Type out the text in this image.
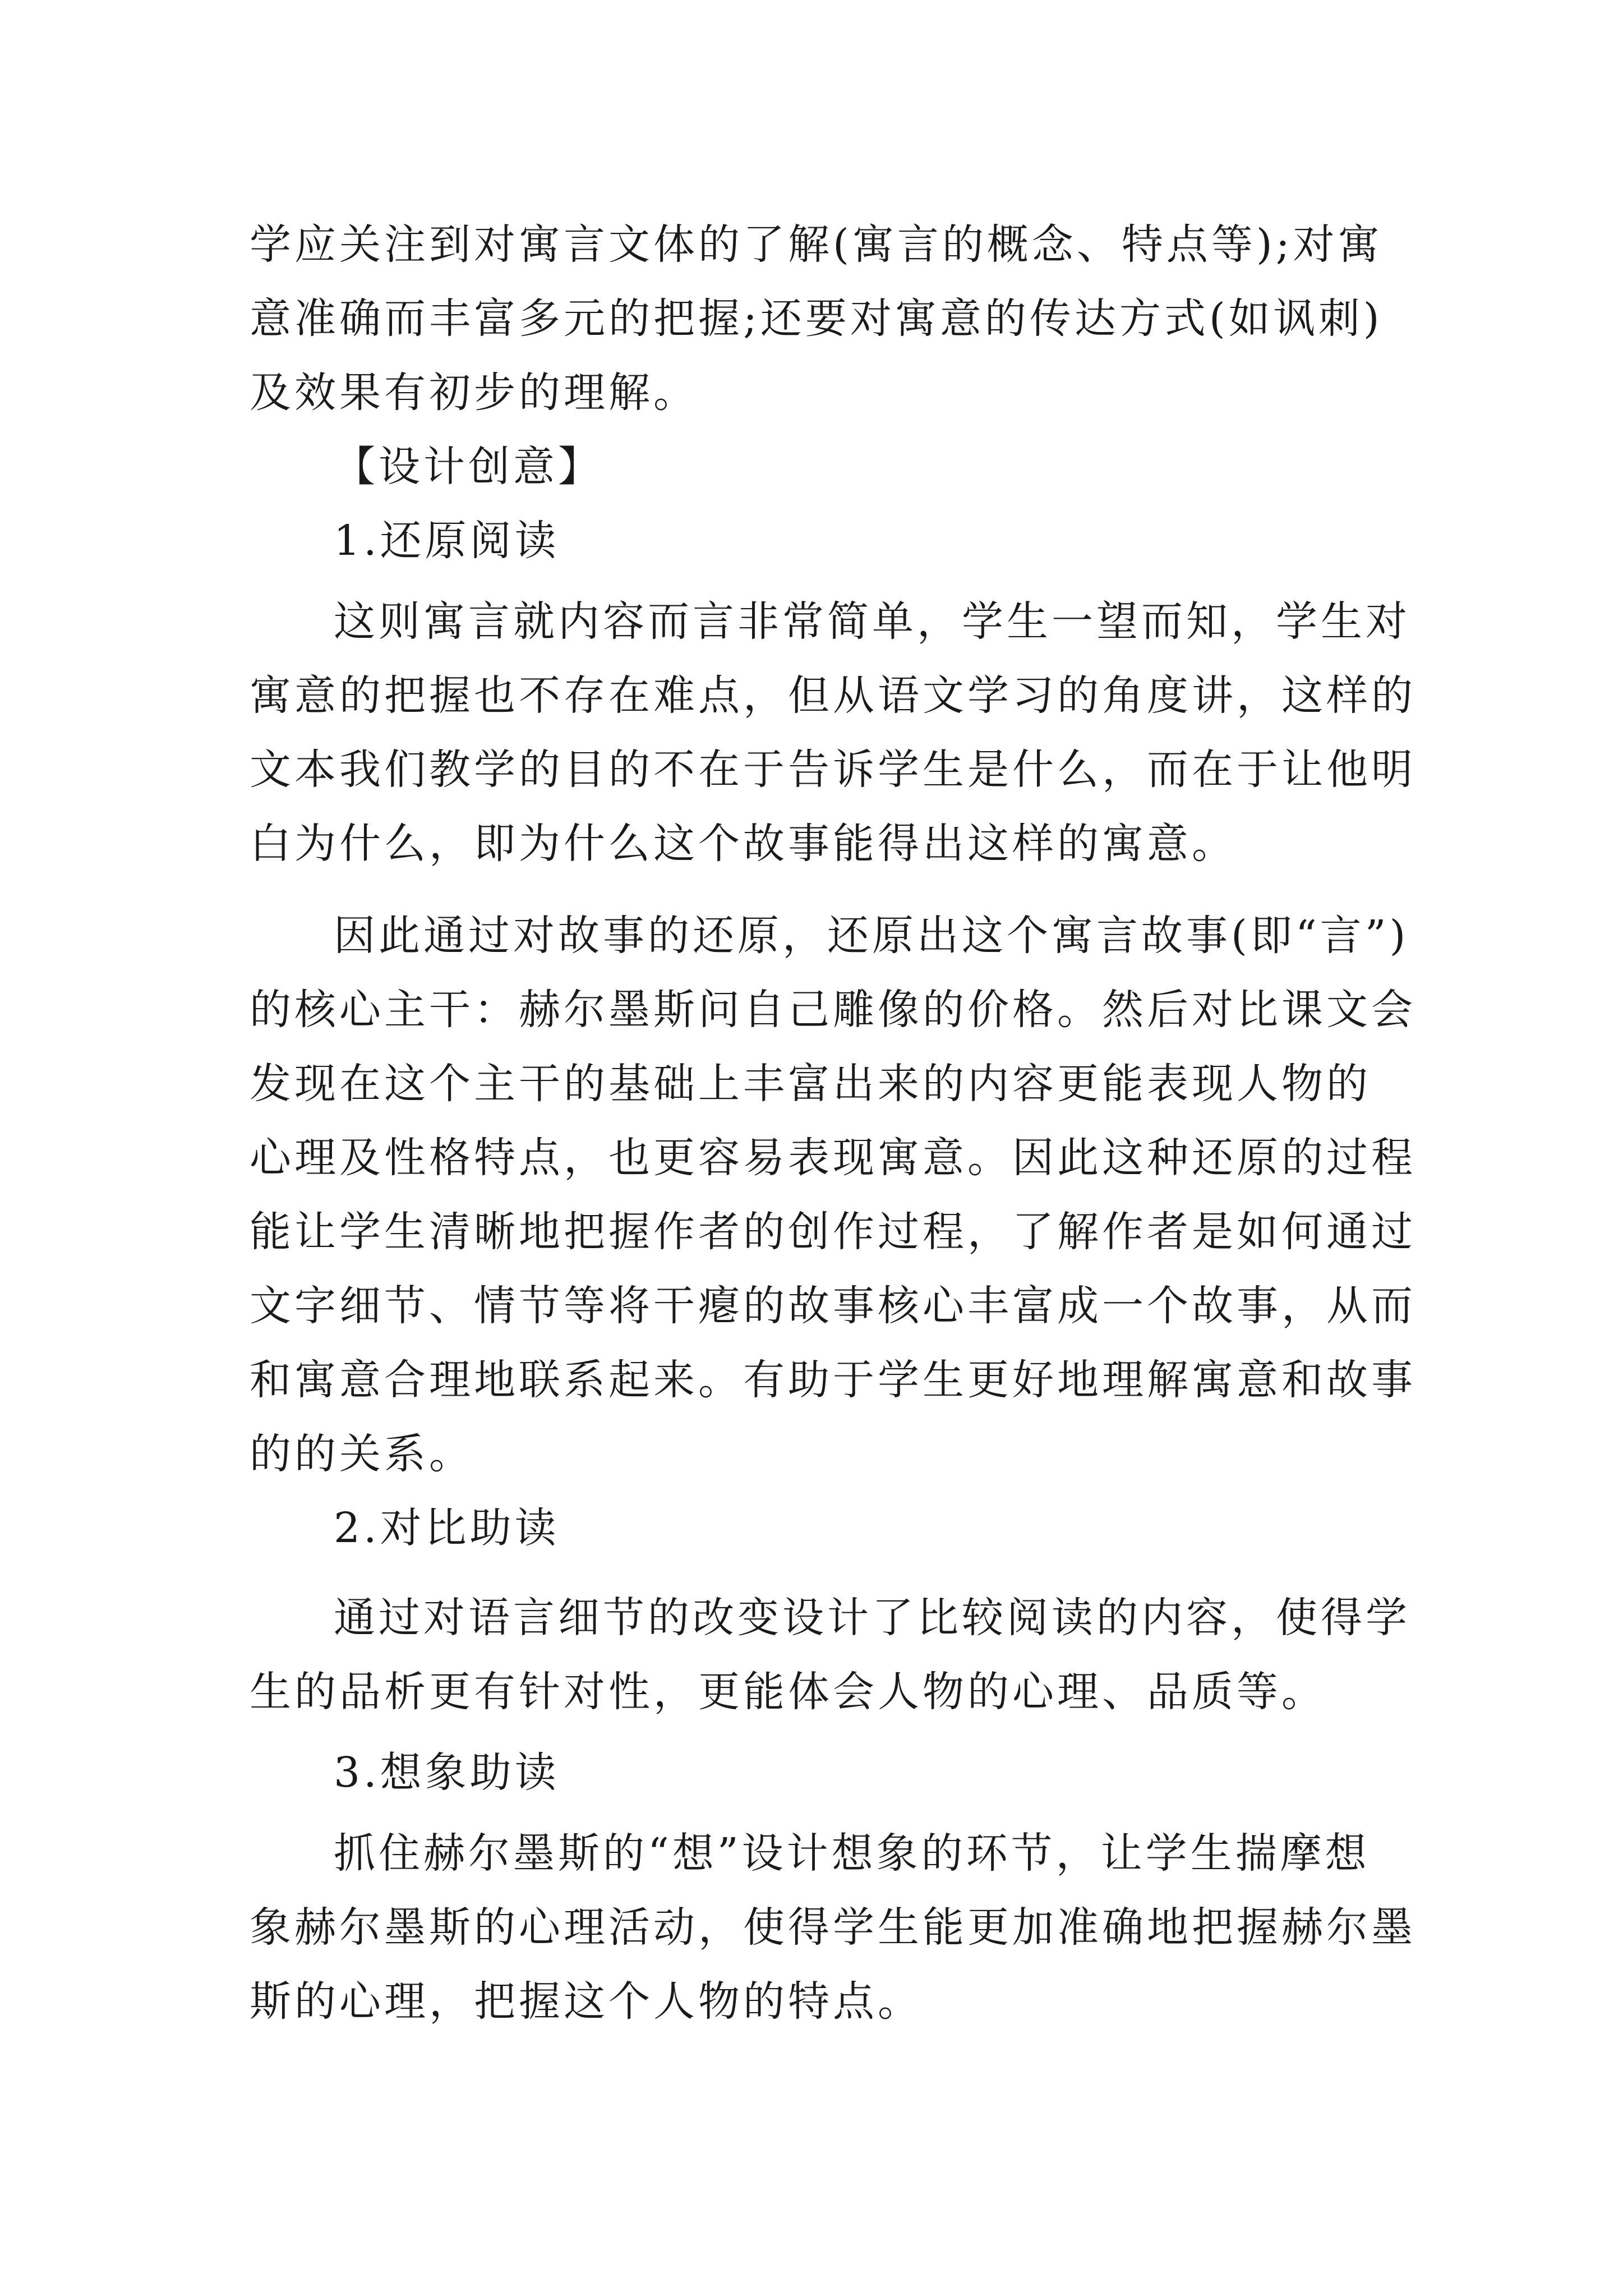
学应关注到对寓言文体的了解(寓言的概念、特点等);对寓
意准确而丰富多元的把握;还要对寓意的传达方式(如讽刺)
及效果有初步的理解。
【设计创意】
1.还原阅读
这则寓言就内容而言非常简单，学生一望而知，学生对
寓意的把握也不存在难点，但从语文学习的角度讲，这样的
文本我们教学的目的不在于告诉学生是什么，而在于让他明
白为什么，即为什么这个故事能得出这样的寓意。
因此通过对故事的还原，还原出这个寓言故事(即“言”)
的核心主干：赫尔墨斯问自己雕像的价格。然后对比课文会
发现在这个主干的基础上丰富出来的内容更能表现人物的
心理及性格特点，也更容易表现寓意。因此这种还原的过程
能让学生清晰地把握作者的创作过程，了解作者是如何通过
文字细节、情节等将干瘪的故事核心丰富成一个故事，从而
和寓意合理地联系起来。有助于学生更好地理解寓意和故事
的的关系。
2.对比助读
通过对语言细节的改变设计了比较阅读的内容，使得学
生的品析更有针对性，更能体会人物的心理、品质等。
3.想象助读
抓住赫尔墨斯的“想”设计想象的环节，让学生揣摩想
象赫尔墨斯的心理活动，使得学生能更加准确地把握赫尔墨
斯的心理，把握这个人物的特点。
